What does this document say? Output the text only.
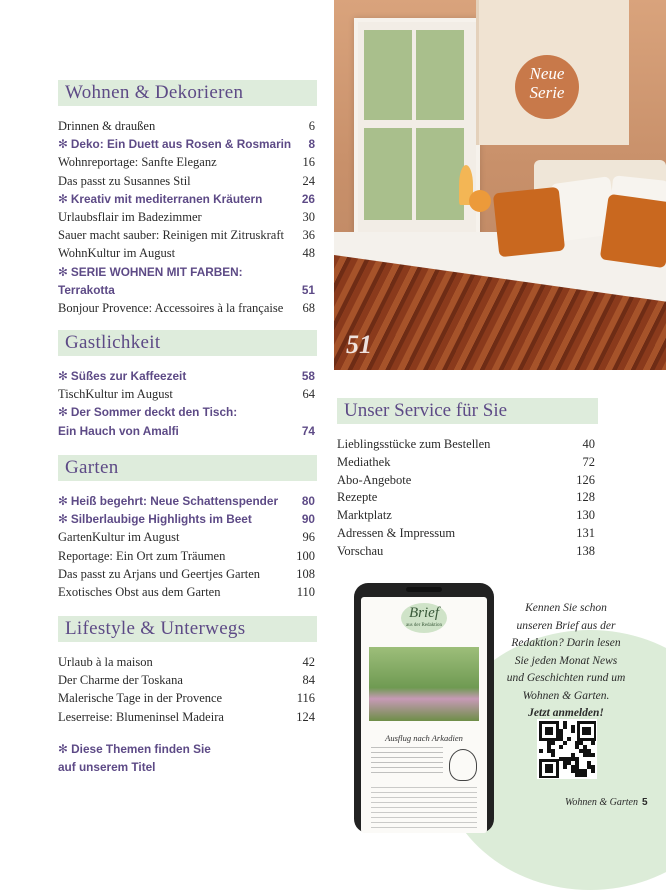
Wohnen & Dekorieren
Drinnen & draußen	6
✻ Deko: Ein Duett aus Rosen & Rosmarin 8
Wohnreportage: Sanfte Eleganz	16
Das passt zu Susannes Stil	24
✻ Kreativ mit mediterranen Kräutern	26
Urlaubsflair im Badezimmer	30
Sauer macht sauber: Reinigen mit Zitruskraft 36
WohnKultur im August	48
✻ SERIE WOHNEN MIT FARBEN:
Terrakotta	51
Bonjour Provence: Accessoires à la française 68
Gastlichkeit
✻ Süßes zur Kaffeezeit	58
TischKultur im August	64
✻ Der Sommer deckt den Tisch:
Ein Hauch von Amalfi	74
Garten
✻ Heiß begehrt: Neue Schattenspender 80
✻ Silberlaubige Highlights im Beet	90
GartenKultur im August	96
Reportage: Ein Ort zum Träumen	100
Das passt zu Arjans und Geertjes Garten	108
Exotisches Obst aus dem Garten	110
Lifestyle & Unterwegs
Urlaub à la maison	42
Der Charme der Toskana	84
Malerische Tage in der Provence	116
Leserreise: Blumeninsel Madeira	124
✻ Diese Themen finden Sie
auf unserem Titel
Neue
Serie
51
Unser Service für Sie
Lieblingsstücke zum Bestellen	40
Mediathek	72
Abo-Angebote	126
Rezepte	128
Marktplatz	130
Adressen & Impressum	131
Vorschau	138
Brief
aus der Redaktion
Ausflug nach Arkadien
Kennen Sie schon unseren Brief aus der Redaktion? Darin lesen Sie jeden Monat News und Geschichten rund um Wohnen & Garten.
Jetzt anmelden!
Wohnen & Garten 5
